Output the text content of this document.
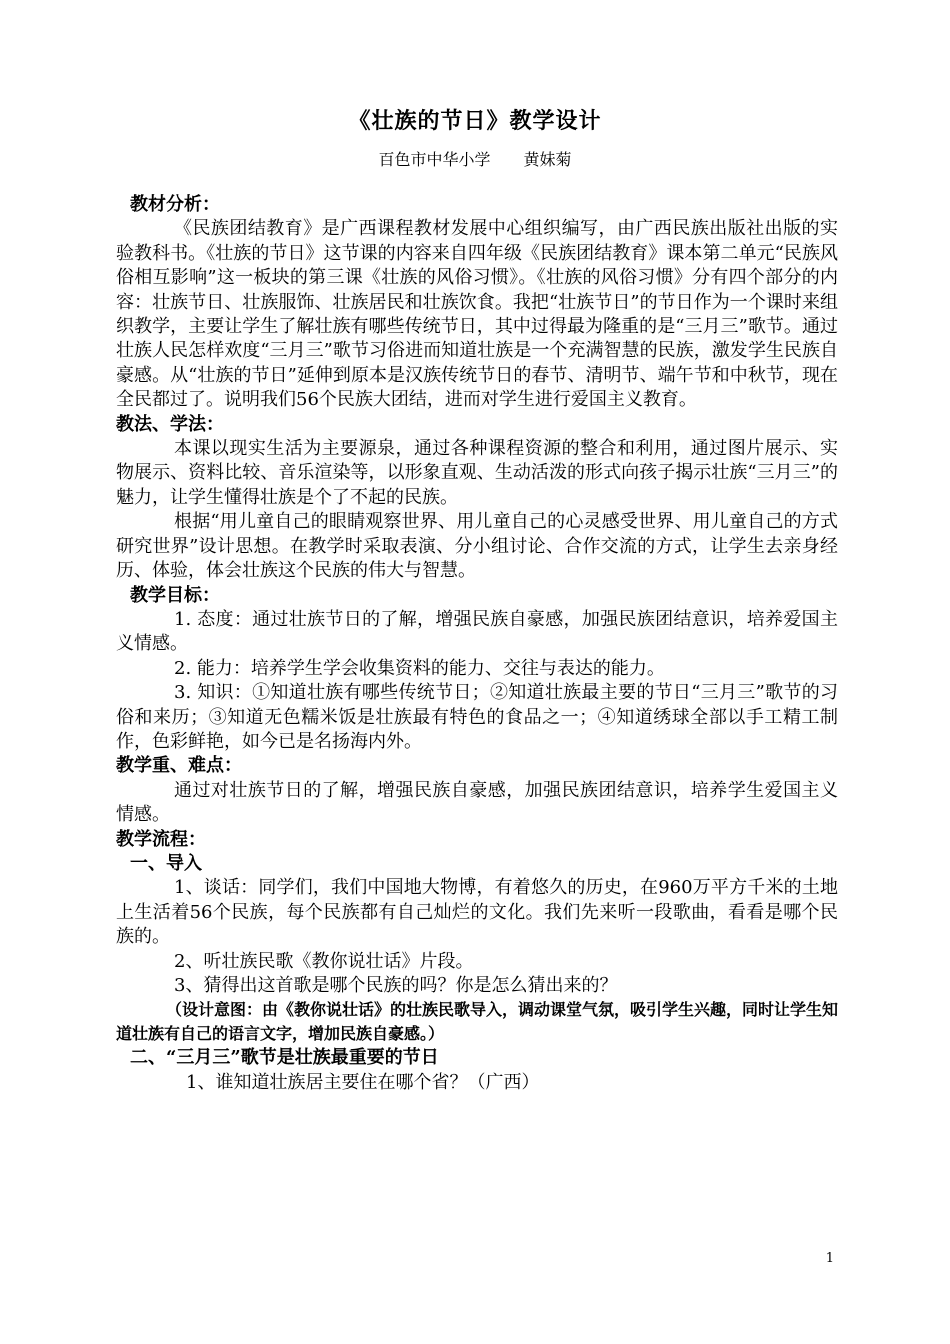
《壮族的节日》教学设计
百色市中华小学 黄妹菊

教材分析：

《民族团结教育》是广西课程教材发展中心组织编写，由广西民族出版社出版的实验教科书。《壮族的节日》这节课的内容来自四年级《民族团结教育》课本第二单元“民族风俗相互影响”这一板块的第三课《壮族的风俗习惯》。《壮族的风俗习惯》分有四个部分的内容：壮族节日、壮族服饰、壮族居民和壮族饮食。我把“壮族节日”的节日作为一个课时来组织教学，主要让学生了解壮族有哪些传统节日，其中过得最为隆重的是“三月三”歌节。通过壮族人民怎样欢度“三月三”歌节习俗进而知道壮族是一个充满智慧的民族，激发学生民族自豪感。从“壮族的节日”延伸到原本是汉族传统节日的春节、清明节、端午节和中秋节，现在全民都过了。说明我们56个民族大团结，进而对学生进行爱国主义教育。

教法、学法：

本课以现实生活为主要源泉，通过各种课程资源的整合和利用，通过图片展示、实物展示、资料比较、音乐渲染等，以形象直观、生动活泼的形式向孩子揭示壮族“三月三”的魅力，让学生懂得壮族是个了不起的民族。

根据“用儿童自己的眼睛观察世界、用儿童自己的心灵感受世界、用儿童自己的方式研究世界”设计思想。在教学时采取表演、分小组讨论、合作交流的方式，让学生去亲身经历、体验，体会壮族这个民族的伟大与智慧。

教学目标：

1. 态度：通过壮族节日的了解，增强民族自豪感，加强民族团结意识，培养爱国主义情感。

2. 能力：培养学生学会收集资料的能力、交往与表达的能力。

3. 知识：①知道壮族有哪些传统节日；②知道壮族最主要的节日“三月三”歌节的习俗和来历；③知道无色糯米饭是壮族最有特色的食品之一；④知道绣球全部以手工精工制作，色彩鲜艳，如今已是名扬海内外。

教学重、难点：

通过对壮族节日的了解，增强民族自豪感，加强民族团结意识，培养学生爱国主义情感。

教学流程：

一、导入

1、谈话：同学们，我们中国地大物博，有着悠久的历史，在960万平方千米的土地上生活着56个民族，每个民族都有自己灿烂的文化。我们先来听一段歌曲，看看是哪个民族的。

2、听壮族民歌《教你说壮话》片段。

3、猜得出这首歌是哪个民族的吗？你是怎么猜出来的？

（设计意图：由《教你说壮话》的壮族民歌导入，调动课堂气氛，吸引学生兴趣，同时让学生知道壮族有自己的语言文字，增加民族自豪感。）

二、“三月三”歌节是壮族最重要的节日

1、谁知道壮族居主要住在哪个省？（广西）

1
